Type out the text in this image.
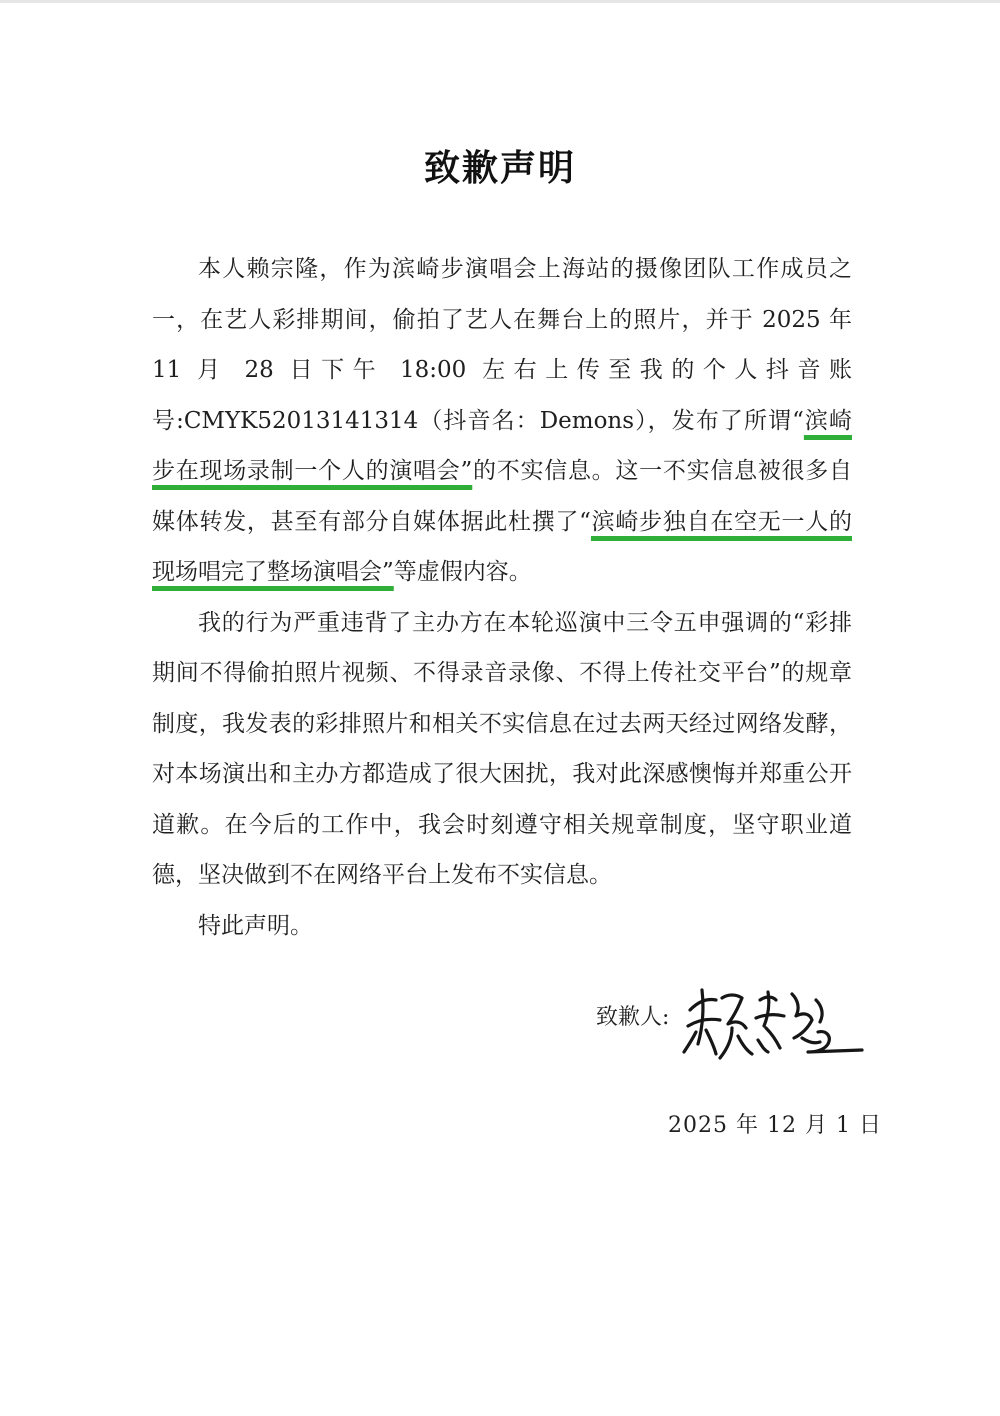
致歉声明

本人赖宗隆，作为滨崎步演唱会上海站的摄像团队工作成员之一，在艺人彩排期间，偷拍了艺人在舞台上的照片，并于 2025 年 11 月 28 日下午 18:00 左右上传至我的个人抖音账号:CMYK52013141314（抖音名：Demons），发布了所谓“滨崎步在现场录制一个人的演唱会”的不实信息。这一不实信息被很多自媒体转发，甚至有部分自媒体据此杜撰了“滨崎步独自在空无一人的现场唱完了整场演唱会”等虚假内容。

我的行为严重违背了主办方在本轮巡演中三令五申强调的“彩排期间不得偷拍照片视频、不得录音录像、不得上传社交平台”的规章制度，我发表的彩排照片和相关不实信息在过去两天经过网络发酵，对本场演出和主办方都造成了很大困扰，我对此深感懊悔并郑重公开道歉。在今后的工作中，我会时刻遵守相关规章制度，坚守职业道德，坚决做到不在网络平台上发布不实信息。

特此声明。

致歉人:
2025 年 12 月 1 日
